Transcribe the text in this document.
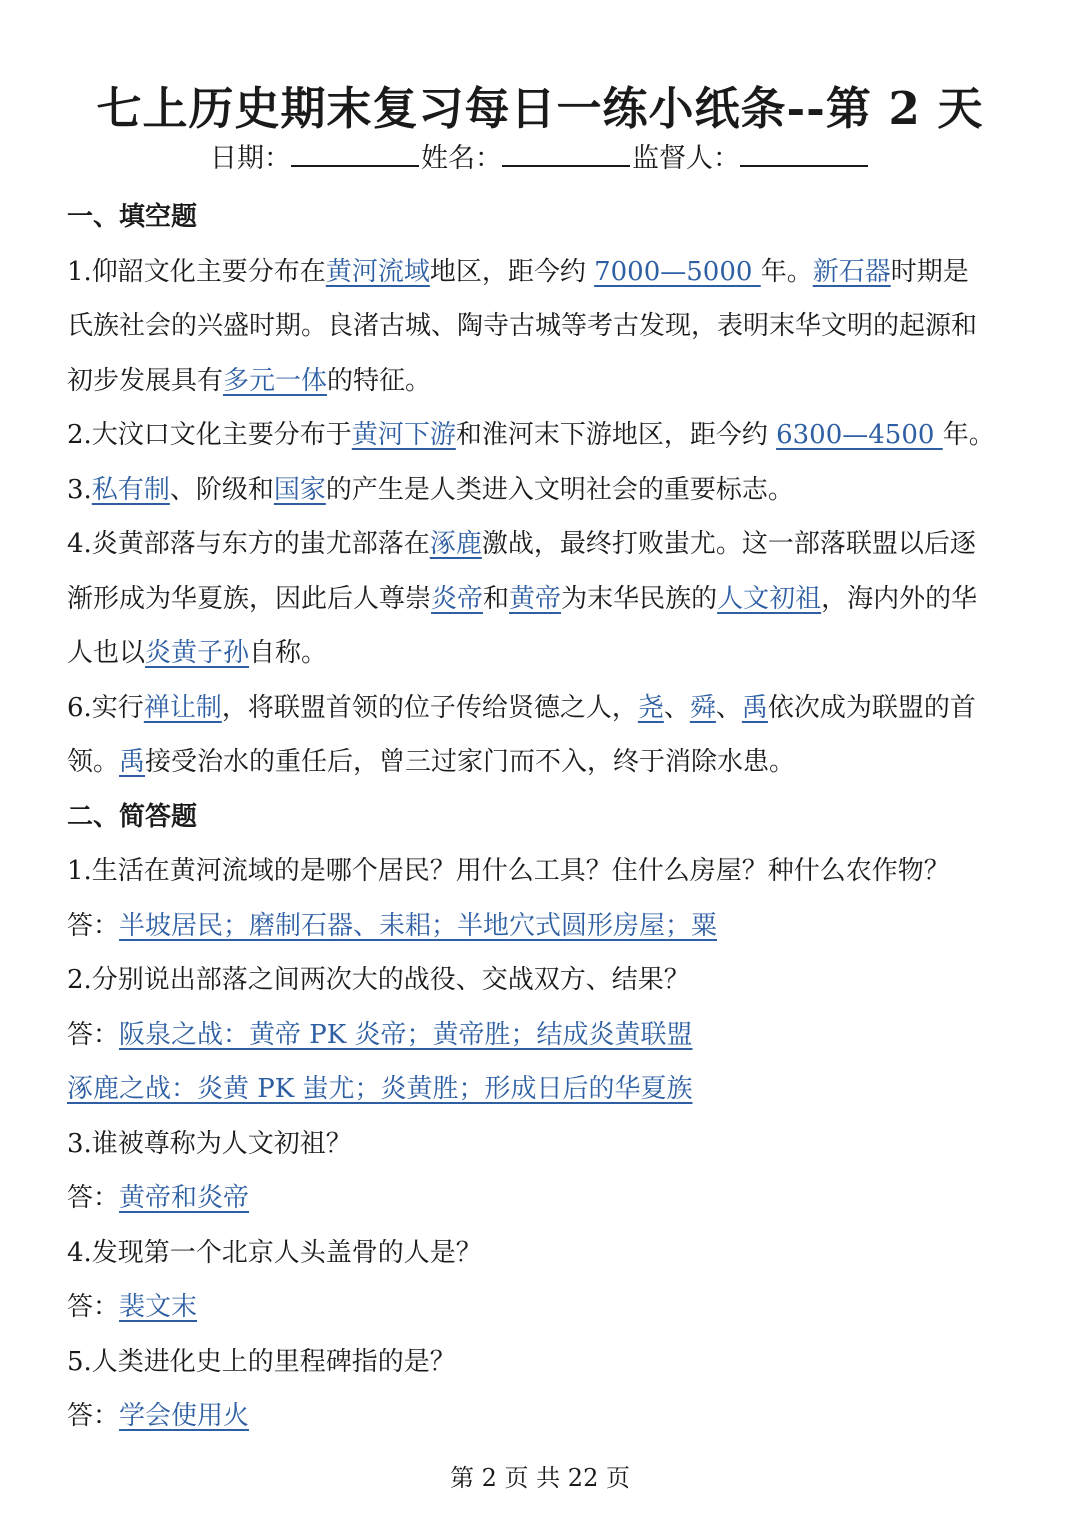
七上历史期末复习每日一练小纸条--第 2 天
日期：	姓名：	监督人：
一、填空题
1.仰韶文化主要分布在黄河流域地区，距今约 7000—5000 年。新石器时期是
氏族社会的兴盛时期。良渚古城、陶寺古城等考古发现，表明末华文明的起源和
初步发展具有多元一体的特征。
2.大汶口文化主要分布于黄河下游和淮河末下游地区，距今约 6300—4500 年。
3.私有制、阶级和国家的产生是人类进入文明社会的重要标志。
4.炎黄部落与东方的蚩尤部落在涿鹿激战，最终打败蚩尤。这一部落联盟以后逐
渐形成为华夏族，因此后人尊崇炎帝和黄帝为末华民族的人文初祖，海内外的华
人也以炎黄子孙自称。
6.实行禅让制，将联盟首领的位子传给贤德之人，尧、舜、禹依次成为联盟的首
领。禹接受治水的重任后，曾三过家门而不入，终于消除水患。
二、简答题
1.生活在黄河流域的是哪个居民？用什么工具？住什么房屋？种什么农作物？
答：半坡居民；磨制石器、耒耜；半地穴式圆形房屋；粟
2.分别说出部落之间两次大的战役、交战双方、结果？
答：阪泉之战：黄帝 PK 炎帝；黄帝胜；结成炎黄联盟
涿鹿之战：炎黄 PK 蚩尤；炎黄胜；形成日后的华夏族
3.谁被尊称为人文初祖？
答：黄帝和炎帝
4.发现第一个北京人头盖骨的人是？
答：裴文末
5.人类进化史上的里程碑指的是？
答：学会使用火
第 2 页 共 22 页
